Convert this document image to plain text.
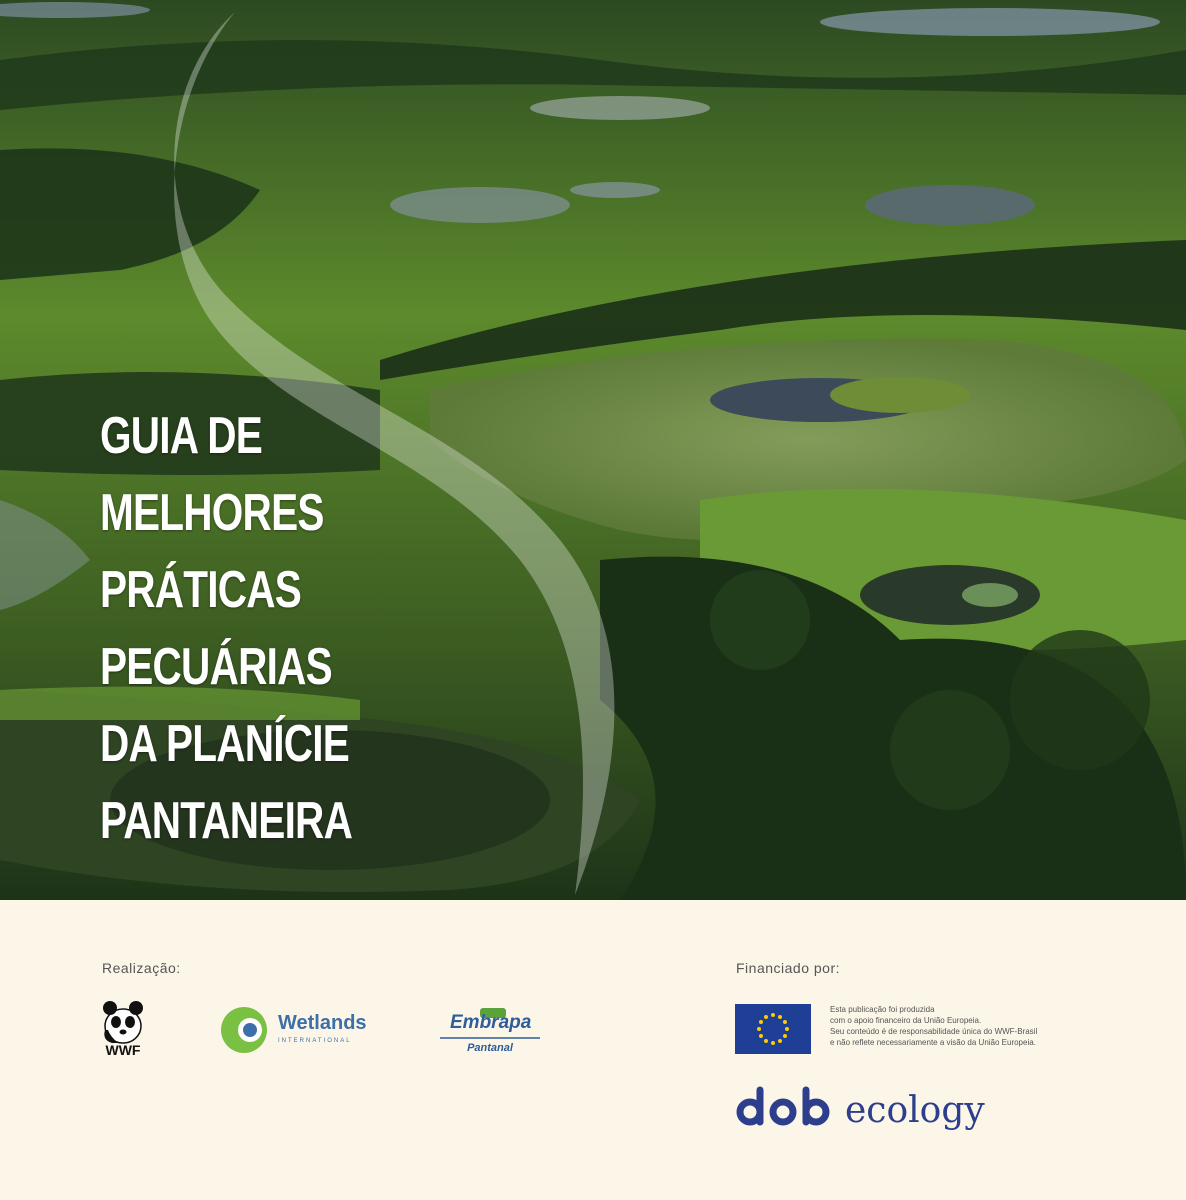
GUIA DE
MELHORES
PRÁTICAS
PECUÁRIAS
DA PLANÍCIE
PANTANEIRA
Realização:	Financiado por:
WWF
Wetlands
INTERNATIONAL
Embrapa
Pantanal
Esta publicação foi produzida
com o apoio financeiro da União Europeia.
Seu conteúdo é de responsabilidade única do WWF-Brasil
e não reflete necessariamente a visão da União Europeia.
ecology
